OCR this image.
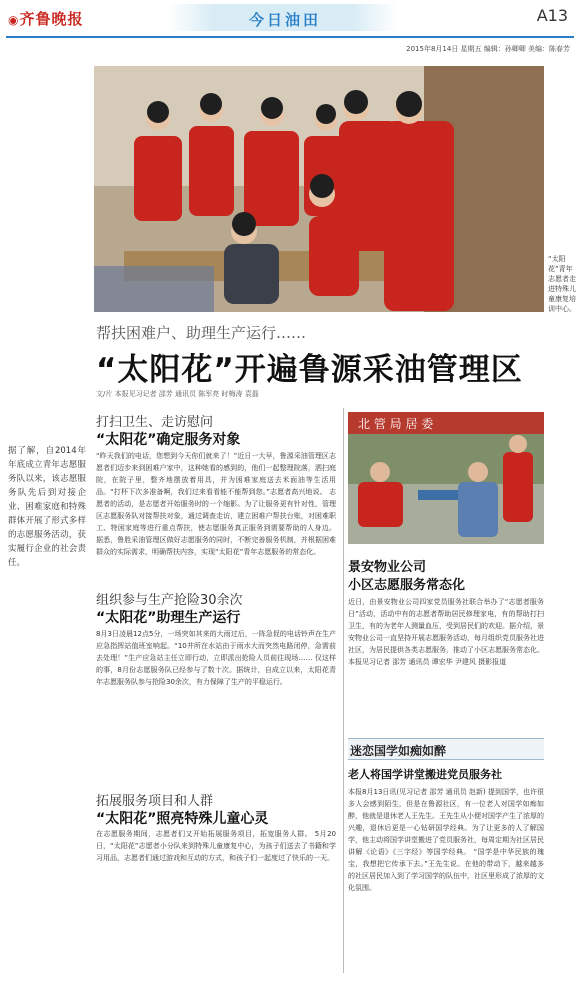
◉齐鲁晚报	今日油田	A13
2015年8月14日 星期五 编辑：孙卿卿 美编：陈春芳
“太阳花”青年志愿者走进特殊儿童康复培训中心。
帮扶困难户、助理生产运行……
“太阳花”开遍鲁源采油管理区
文/片 本报见习记者 邵芳 通讯员 陈军亮 时梅涛 袁磊
据了解，自2014年年底成立青年志愿服务队以来，该志愿服务队先后到对接企业、困难家庭和特殊群体开展了形式多样的志愿服务活动，获实履行企业的社会责任。
打扫卫生、走访慰问
“太阳花”确定服务对象
“昨天我们的电话，您想到今天你们就来了！”近日一大早，鲁源采油管理区志愿者们迈步来到困难户家中，这种她看的感到的，他们一起整理院落，洒扫庭院，在院子里，整齐地摆放着用具，并为困难家庭送去米面油等生活用品。“打杯下次多准备啊，我们过来看看能不能帮到您。”志愿者高兴地说。 志愿者的活动，是志愿者开始服务时的一个缩影。为了让服务更有针对性，管理区志愿服务队对接帮扶对象，通过调查走访，建立困难户帮扶台账，对困难职工、特困家庭等进行重点帮扶，使志愿服务真正服务到需要帮助的人身边。 据悉，鲁胜采油管理区做好志愿服务的同时，不断完善服务机制，并根据困难群众的实际需求，明确帮扶内容，实现“太阳花”青年志愿服务的常态化。
组织参与生产抢险30余次
“太阳花”助理生产运行
8月3日凌晨12点5分，一场突如其来的大雨过后，一阵急促的电话铃声在生产应急指挥站值班室响起。“10井所在水站由于雨水大而突然电路闭停，急需前去处理！”生产应急站主任立即行动，立即派出抢险人员前往现场…… 仅这样的事，8月份志愿服务队已经参与了数十次。据统计，自成立以来，太阳花青年志愿服务队参与抢险30余次，有力保障了生产的平稳运行。
拓展服务项目和人群
“太阳花”照亮特殊儿童心灵
在志愿服务期间，志愿者们又开始拓展服务项目，拓宽服务人群。 5月20日，“太阳花”志愿者小分队来到特殊儿童康复中心，为孩子们送去了书籍和学习用品，志愿者们通过游戏和互动的方式，和孩子们一起度过了快乐的一天。
北 管 局 居 委
景安物业公司
小区志愿服务常态化
近日，由景安物业公司四家党员服务社联合举办了“志愿者服务日”活动，活动中有的志愿者帮助居民修理家电，有的帮助打扫卫生，有的为老年人测量血压，受到居民们的欢迎。据介绍，景安物业公司一直坚持开展志愿服务活动，每月组织党员服务社进社区，为居民提供各类志愿服务，推动了小区志愿服务常态化。 本报见习记者 邵芳 通讯员 谭宏华 尹建风 摄影报道
迷恋国学如痴如醉
老人将国学讲堂搬进党员服务社
本报8月13日讯(见习记者 邵芳 通讯员 赵新) 提到国学，也许很多人会感到陌生，但是在鲁源社区，有一位老人对国学如痴如醉，他就是退休老人王先生。王先生从小便对国学产生了浓厚的兴趣，退休后更是一心钻研国学经典。为了让更多的人了解国学，他主动将国学讲堂搬进了党员服务社，每周定期为社区居民讲解《论语》《三字经》等国学经典。 “国学是中华民族的瑰宝，我想把它传承下去。”王先生说。在他的带动下，越来越多的社区居民加入到了学习国学的队伍中，社区里形成了浓厚的文化氛围。
